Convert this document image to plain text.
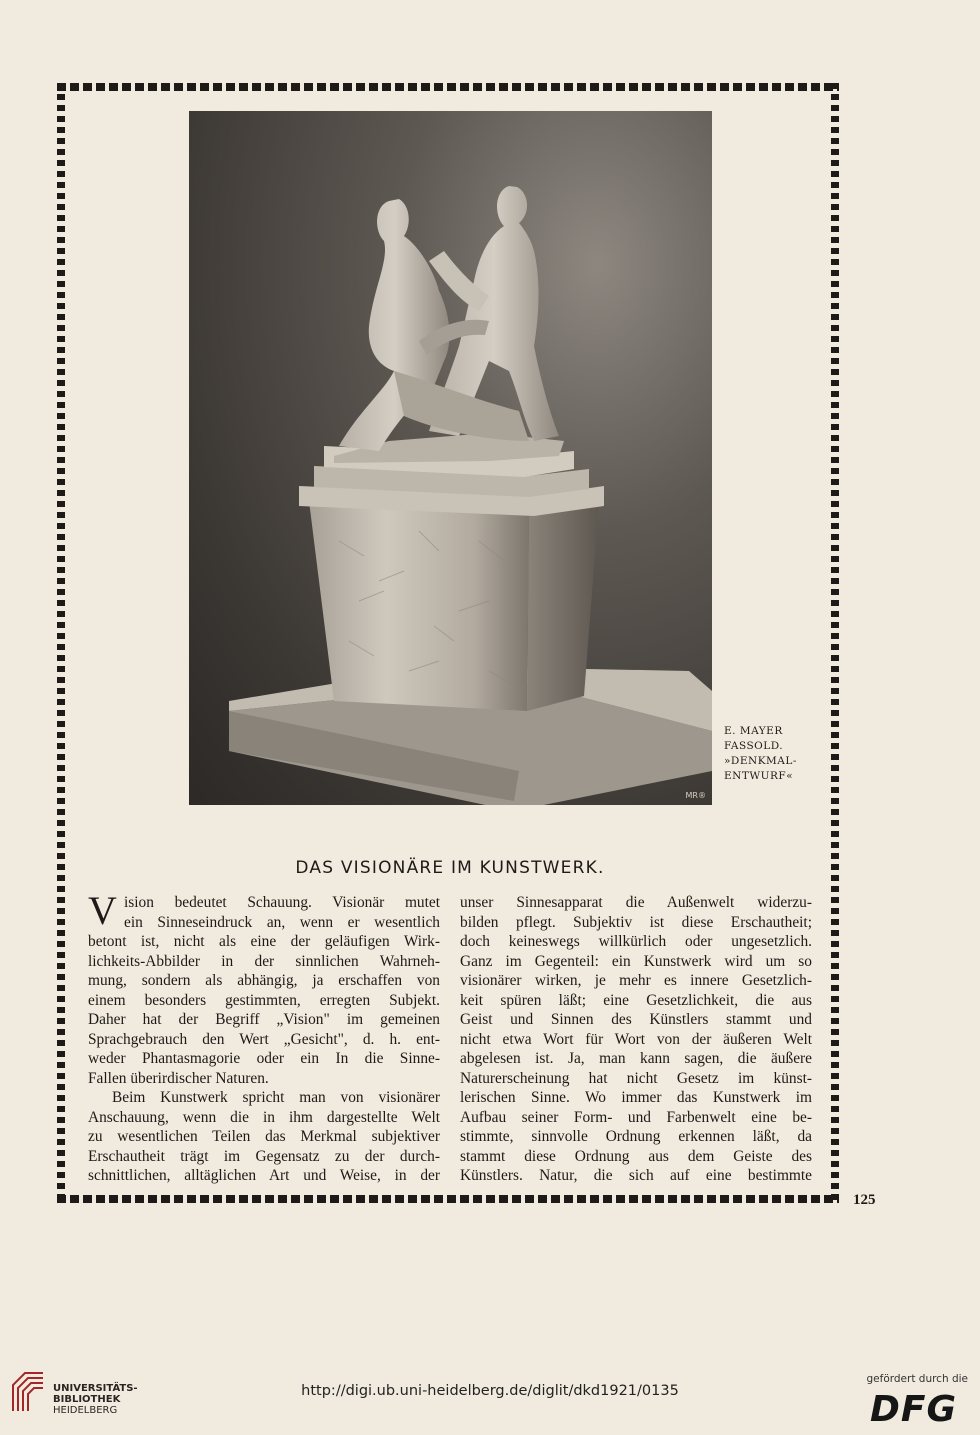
MR®
E. MAYER
FASSOLD.
»DENKMAL-
ENTWURF«
DAS VISIONÄRE IM KUNSTWERK.
V ision bedeutet Schauung. Visionär mutet
ein Sinneseindruck an, wenn er wesentlich
betont ist, nicht als eine der geläufigen Wirk-
lichkeits-Abbilder in der sinnlichen Wahrneh-
mung, sondern als abhängig, ja erschaffen von
einem besonders gestimmten, erregten Subjekt.
Daher hat der Begriff „Vision" im gemeinen
Sprachgebrauch den Wert „Gesicht", d. h. ent-
weder Phantasmagorie oder ein In die Sinne-
Fallen überirdischer Naturen.
Beim Kunstwerk spricht man von visionärer
Anschauung, wenn die in ihm dargestellte Welt
zu wesentlichen Teilen das Merkmal subjektiver
Erschautheit trägt im Gegensatz zu der durch-
schnittlichen, alltäglichen Art und Weise, in der
unser Sinnesapparat die Außenwelt widerzu-
bilden pflegt. Subjektiv ist diese Erschautheit;
doch keineswegs willkürlich oder ungesetzlich.
Ganz im Gegenteil: ein Kunstwerk wird um so
visionärer wirken, je mehr es innere Gesetzlich-
keit spüren läßt; eine Gesetzlichkeit, die aus
Geist und Sinnen des Künstlers stammt und
nicht etwa Wort für Wort von der äußeren Welt
abgelesen ist. Ja, man kann sagen, die äußere
Naturerscheinung hat nicht Gesetz im künst-
lerischen Sinne. Wo immer das Kunstwerk im
Aufbau seiner Form- und Farbenwelt eine be-
stimmte, sinnvolle Ordnung erkennen läßt, da
stammt diese Ordnung aus dem Geiste des
Künstlers. Natur, die sich auf eine bestimmte
125
UNIVERSITÄTS-
BIBLIOTHEK
HEIDELBERG
http://digi.ub.uni-heidelberg.de/diglit/dkd1921/0135
gefördert durch die
DFG
